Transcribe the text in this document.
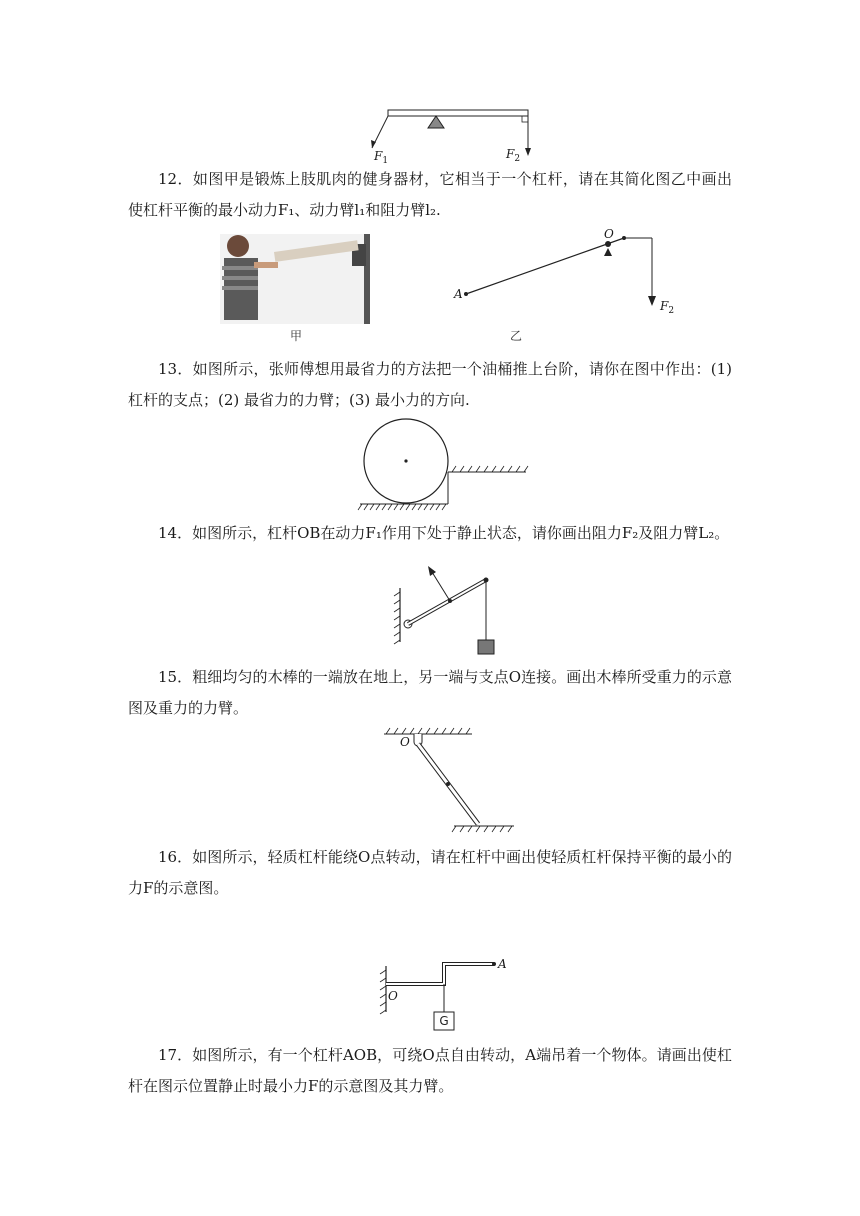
$F_1$	$F_2$

12．如图甲是锻炼上肢肌肉的健身器材，它相当于一个杠杆，请在其简化图乙中画出使杠杆平衡的最小动力F₁、动力臂l₁和阻力臂l₂.

甲
O
A
$F_2$
乙

13．如图所示，张师傅想用最省力的方法把一个油桶推上台阶，请你在图中作出：(1) 杠杆的支点；(2) 最省力的力臂；(3) 最小力的方向.

14．如图所示，杠杆OB在动力F₁作用下处于静止状态，请你画出阻力F₂及阻力臂L₂。

15．粗细均匀的木棒的一端放在地上，另一端与支点O连接。画出木棒所受重力的示意图及重力的力臂。

O

16．如图所示，轻质杠杆能绕O点转动，请在杠杆中画出使轻质杠杆保持平衡的最小的力F的示意图。

A
O
G

17．如图所示，有一个杠杆AOB，可绕O点自由转动，A端吊着一个物体。请画出使杠杆在图示位置静止时最小力F的示意图及其力臂。
